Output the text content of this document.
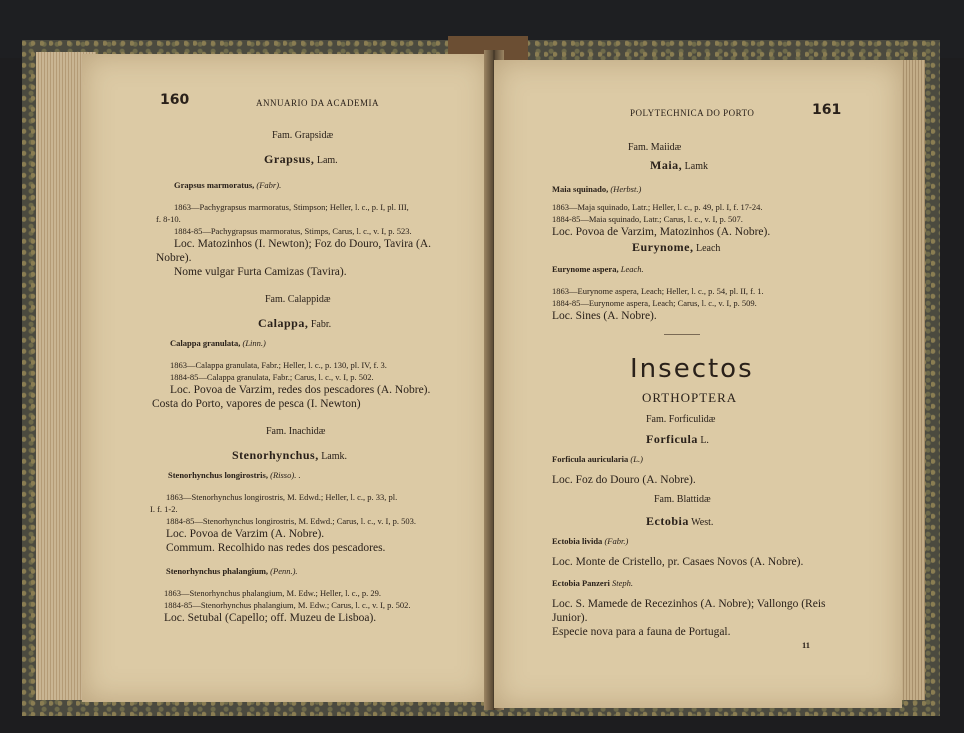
160	ANNUARIO DA ACADEMIA
Fam. Grapsidæ
Grapsus, Lam.
Grapsus marmoratus, (Fabr).
1863—Pachygrapsus marmoratus, Stimpson; Heller, l. c., p. I, pl. III,
f. 8-10.
1884-85—Pachygrapsus marmoratus, Stimps, Carus, l. c., v. I, p. 523.
Loc. Matozinhos (I. Newton); Foz do Douro, Tavira (A.
Nobre).
Nome vulgar Furta Camizas (Tavira).
Fam. Calappidæ
Calappa, Fabr.
Calappa granulata, (Linn.)
1863—Calappa granulata, Fabr.; Heller, l. c., p. 130, pl. IV, f. 3.
1884-85—Calappa granulata, Fabr.; Carus, l. c., v. I, p. 502.
Loc. Povoa de Varzim, redes dos pescadores (A. Nobre).
Costa do Porto, vapores de pesca (I. Newton)
Fam. Inachidæ
Stenorhynchus, Lamk.
Stenorhynchus longirostris, (Risso). .
1863—Stenorhynchus longirostris, M. Edwd.; Heller, l. c., p. 33, pl.
I. f. 1-2.
1884-85—Stenorhynchus longirostris, M. Edwd.; Carus, l. c., v. I, p. 503.
Loc. Povoa de Varzim (A. Nobre).
Commum. Recolhido nas redes dos pescadores.
Stenorhynchus phalangium, (Penn.).
1863—Stenorhynchus phalangium, M. Edw.; Heller, l. c., p. 29.
1884-85—Stenorhynchus phalangium, M. Edw.; Carus, l. c., v. I, p. 502.
Loc. Setubal (Capello; off. Muzeu de Lisboa).
POLYTECHNICA DO PORTO	161
Fam. Maiidæ
Maia, Lamk
Maia squinado, (Herbst.)
1863—Maja squinado, Latr.; Heller, l. c., p. 49, pl. I, f. 17-24.
1884-85—Maia squinado, Latr.; Carus, l. c., v. I, p. 507.
Loc. Povoa de Varzim, Matozinhos (A. Nobre).
Eurynome, Leach
Eurynome aspera, Leach.
1863—Eurynome aspera, Leach; Heller, l. c., p. 54, pl. II, f. 1.
1884-85—Eurynome aspera, Leach; Carus, l. c., v. I, p. 509.
Loc. Sines (A. Nobre).
Insectos
ORTHOPTERA
Fam. Forficulidæ
Forficula L.
Forficula auricularia (L.)
Loc. Foz do Douro (A. Nobre).
Fam. Blattidæ
Ectobia West.
Ectobia livida (Fabr.)
Loc. Monte de Cristello, pr. Casaes Novos (A. Nobre).
Ectobia Panzeri Steph.
Loc. S. Mamede de Recezinhos (A. Nobre); Vallongo (Reis
Junior).
Especie nova para a fauna de Portugal.
11
